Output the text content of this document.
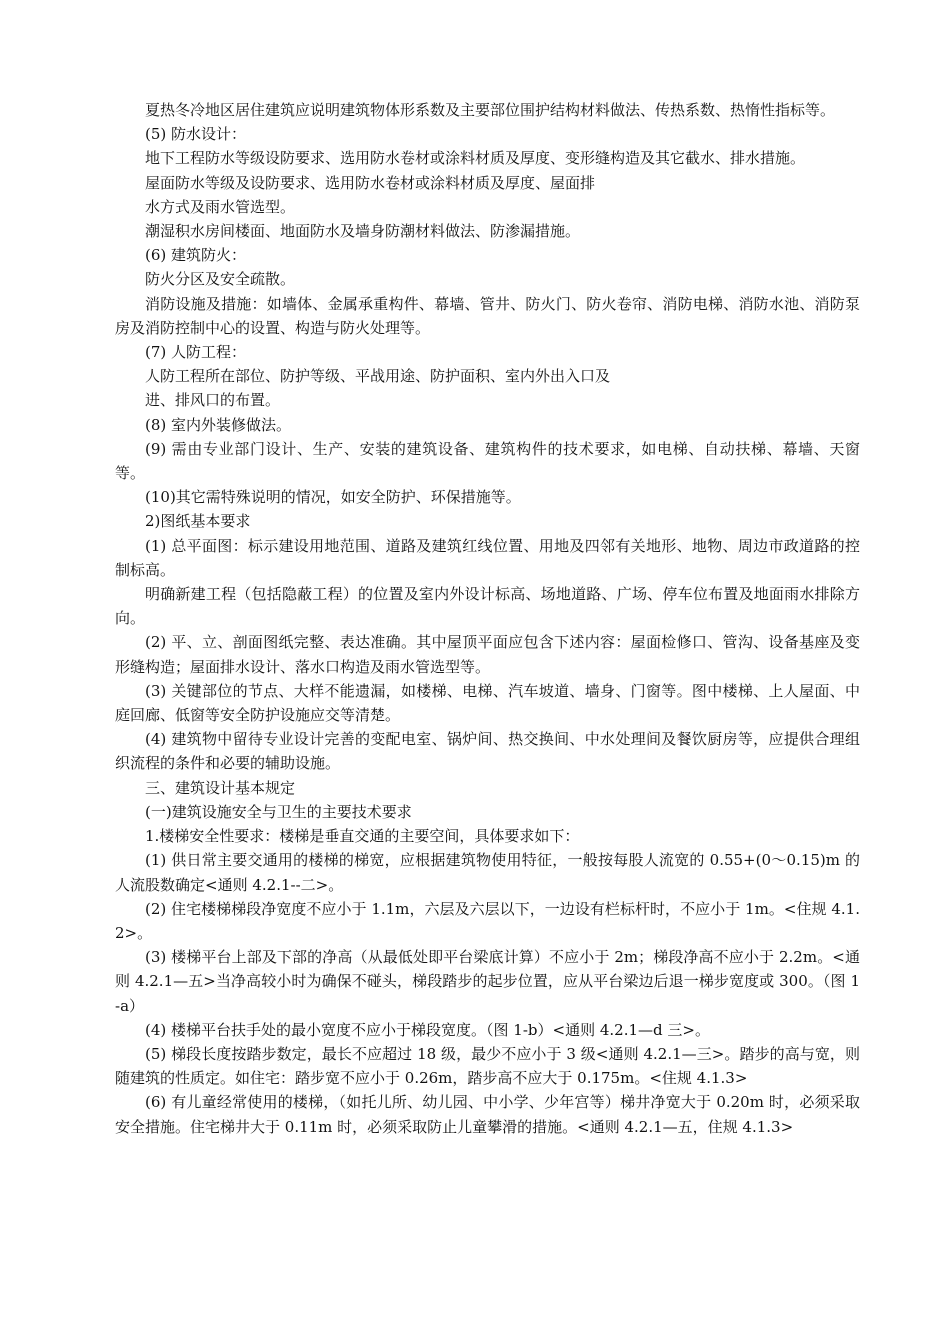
夏热冬冷地区居住建筑应说明建筑物体形系数及主要部位围护结构材料做法、传热系数、热惰性指标等。

(5) 防水设计：

地下工程防水等级设防要求、选用防水卷材或涂料材质及厚度、变形缝构造及其它截水、排水措施。

屋面防水等级及设防要求、选用防水卷材或涂料材质及厚度、屋面排

水方式及雨水管选型。

潮湿积水房间楼面、地面防水及墙身防潮材料做法、防渗漏措施。

(6) 建筑防火：

防火分区及安全疏散。

消防设施及措施：如墙体、金属承重构件、幕墙、管井、防火门、防火卷帘、消防电梯、消防水池、消防泵房及消防控制中心的设置、构造与防火处理等。

(7) 人防工程：

人防工程所在部位、防护等级、平战用途、防护面积、室内外出入口及

进、排风口的布置。

(8) 室内外装修做法。

(9) 需由专业部门设计、生产、安装的建筑设备、建筑构件的技术要求，如电梯、自动扶梯、幕墙、天窗等。

(10)其它需特殊说明的情况，如安全防护、环保措施等。

2)图纸基本要求

(1) 总平面图：标示建设用地范围、道路及建筑红线位置、用地及四邻有关地形、地物、周边市政道路的控制标高。

明确新建工程（包括隐蔽工程）的位置及室内外设计标高、场地道路、广场、停车位布置及地面雨水排除方向。

(2) 平、立、剖面图纸完整、表达准确。其中屋顶平面应包含下述内容：屋面检修口、管沟、设备基座及变形缝构造；屋面排水设计、落水口构造及雨水管选型等。

(3) 关键部位的节点、大样不能遗漏，如楼梯、电梯、汽车坡道、墙身、门窗等。图中楼梯、上人屋面、中庭回廊、低窗等安全防护设施应交等清楚。

(4) 建筑物中留待专业设计完善的变配电室、锅炉间、热交换间、中水处理间及餐饮厨房等，应提供合理组织流程的条件和必要的辅助设施。

三、建筑设计基本规定

(一)建筑设施安全与卫生的主要技术要求

1.楼梯安全性要求：楼梯是垂直交通的主要空间，具体要求如下：

(1) 供日常主要交通用的楼梯的梯宽，应根据建筑物使用特征，一般按每股人流宽的 0.55+(0～0.15)m 的人流股数确定<通则 4.2.1--二>。

(2) 住宅楼梯梯段净宽度不应小于 1.1m，六层及六层以下，一边设有栏标杆时，不应小于 1m。<住规 4.1.2>。

(3) 楼梯平台上部及下部的净高（从最低处即平台梁底计算）不应小于 2m；梯段净高不应小于 2.2m。<通则 4.2.1—五>当净高较小时为确保不碰头，梯段踏步的起步位置，应从平台梁边后退一梯步宽度或 300。（图 1-a）

(4) 楼梯平台扶手处的最小宽度不应小于梯段宽度。（图 1-b）<通则 4.2.1—d 三>。

(5) 梯段长度按踏步数定，最长不应超过 18 级，最少不应小于 3 级<通则 4.2.1—三>。踏步的高与宽，则随建筑的性质定。如住宅：踏步宽不应小于 0.26m，踏步高不应大于 0.175m。<住规 4.1.3>

(6) 有儿童经常使用的楼梯，（如托儿所、幼儿园、中小学、少年宫等）梯井净宽大于 0.20m 时，必须采取安全措施。住宅梯井大于 0.11m 时，必须采取防止儿童攀滑的措施。<通则 4.2.1—五，住规 4.1.3>
